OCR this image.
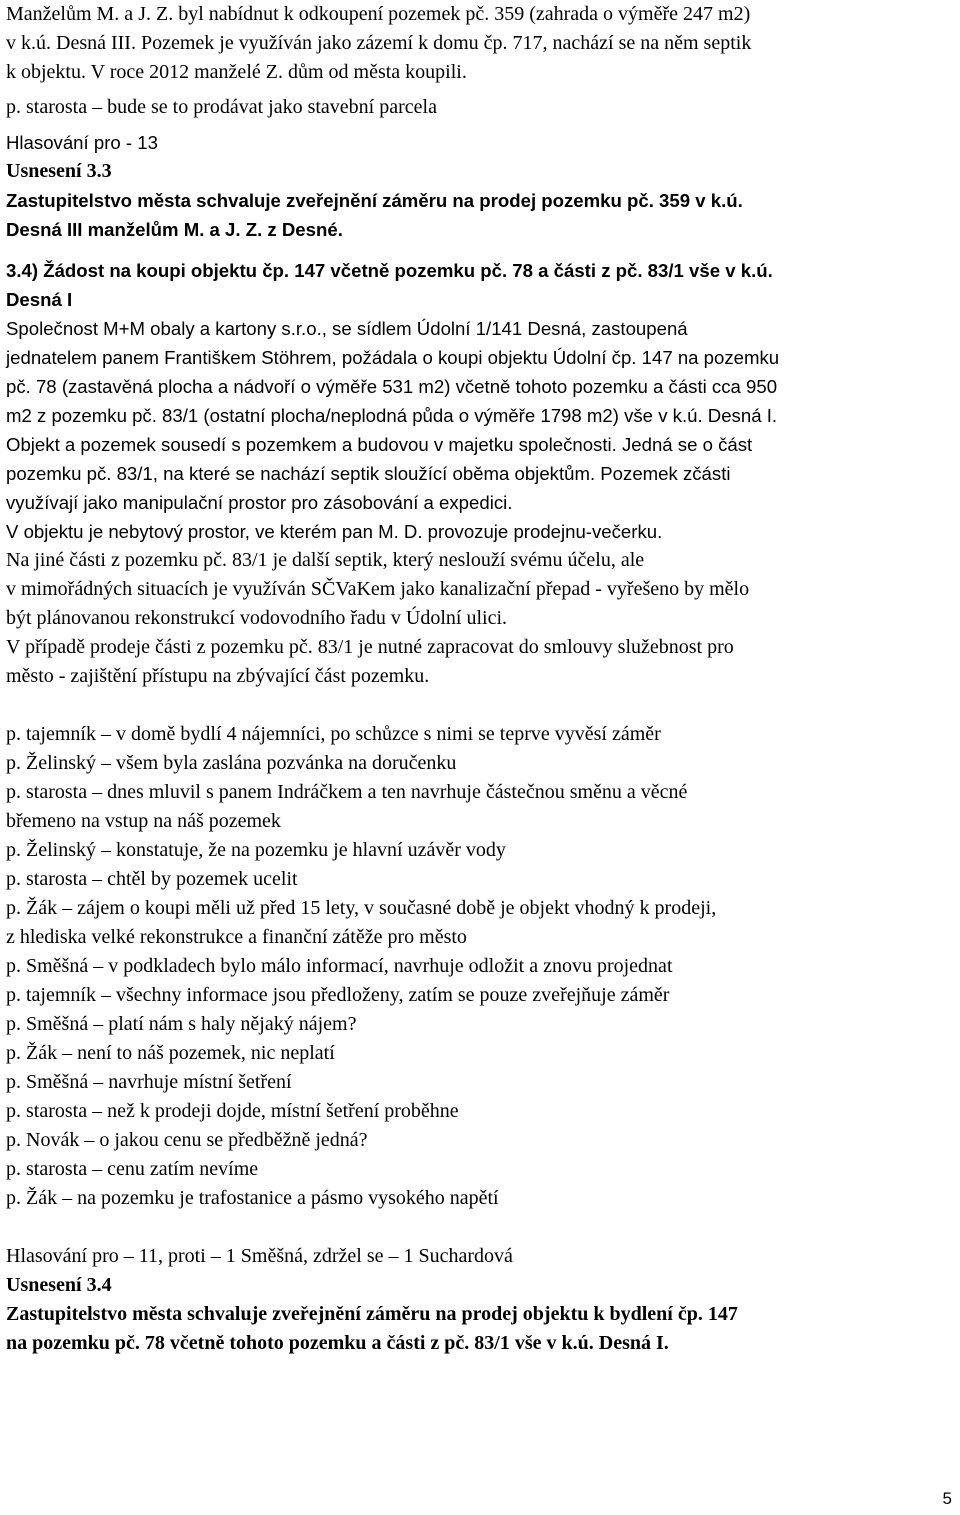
Manželům M. a J. Z. byl nabídnut k odkoupení pozemek pč. 359 (zahrada o výměře 247 m2)

v k.ú. Desná III. Pozemek je využíván jako zázemí k domu čp. 717, nachází se na něm septik

k objektu. V roce 2012 manželé Z. dům od města koupili.

p. starosta – bude se to prodávat jako stavební parcela

Hlasování pro - 13

Usnesení 3.3

Zastupitelstvo města schvaluje zveřejnění záměru na prodej pozemku pč. 359 v k.ú.

Desná III manželům M. a J. Z. z Desné.

3.4) Žádost na koupi objektu čp. 147 včetně pozemku pč. 78 a části z pč. 83/1 vše v k.ú.

Desná I

Společnost M+M obaly a kartony s.r.o., se sídlem Údolní 1/141 Desná, zastoupená

jednatelem panem Františkem Stöhrem, požádala o koupi objektu Údolní čp. 147 na pozemku

pč. 78 (zastavěná plocha a nádvoří o výměře 531 m2) včetně tohoto pozemku a části cca 950

m2 z pozemku pč. 83/1 (ostatní plocha/neplodná půda o výměře 1798 m2) vše v k.ú. Desná I.

Objekt a pozemek sousedí s pozemkem a budovou v majetku společnosti. Jedná se o část

pozemku pč. 83/1, na které se nachází septik sloužící oběma objektům. Pozemek zčásti

využívají jako manipulační prostor pro zásobování a expedici.

V objektu je nebytový prostor, ve kterém pan M. D. provozuje prodejnu-večerku.

Na jiné části z pozemku pč. 83/1 je další septik, který neslouží svému účelu, ale

v mimořádných situacích je využíván SČVaKem jako kanalizační přepad - vyřešeno by mělo

být plánovanou rekonstrukcí vodovodního řadu v Údolní ulici.

V případě prodeje části z pozemku pč. 83/1 je nutné zapracovat do smlouvy služebnost pro

město - zajištění přístupu na zbývající část pozemku.

p. tajemník – v domě bydlí 4 nájemníci, po schůzce s nimi se teprve vyvěsí záměr

p. Želinský – všem byla zaslána pozvánka na doručenku

p. starosta – dnes mluvil s panem Indráčkem a ten navrhuje částečnou směnu a věcné

břemeno na vstup na náš pozemek

p. Želinský – konstatuje, že na pozemku je hlavní uzávěr vody

p. starosta – chtěl by pozemek ucelit

p. Žák – zájem o koupi měli už před 15 lety, v současné době je objekt vhodný k prodeji,

z hlediska velké rekonstrukce a finanční zátěže pro město

p. Směšná – v podkladech bylo málo informací, navrhuje odložit a znovu projednat

p. tajemník – všechny informace jsou předloženy, zatím se pouze zveřejňuje záměr

p. Směšná – platí nám s haly nějaký nájem?

p. Žák – není to náš pozemek, nic neplatí

p. Směšná – navrhuje místní šetření

p. starosta – než k prodeji dojde, místní šetření proběhne

p. Novák – o jakou cenu se předběžně jedná?

p. starosta – cenu zatím nevíme

p. Žák – na pozemku je trafostanice a pásmo vysokého napětí

Hlasování pro – 11, proti – 1 Směšná, zdržel se – 1 Suchardová

Usnesení 3.4

Zastupitelstvo města schvaluje zveřejnění záměru na prodej objektu k bydlení čp. 147

na pozemku pč. 78 včetně tohoto pozemku a části z pč. 83/1 vše v k.ú. Desná I.

5
